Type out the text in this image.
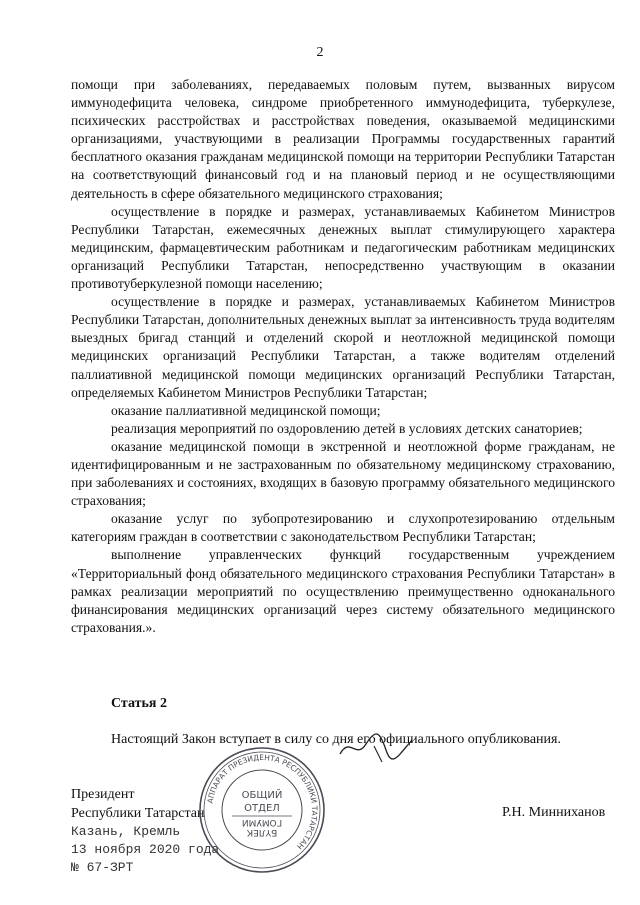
2

помощи при заболеваниях, передаваемых половым путем, вызванных вирусом иммунодефицита человека, синдроме приобретенного иммунодефицита, туберкулезе, психических расстройствах и расстройствах поведения, оказываемой медицинскими организациями, участвующими в реализации Программы государственных гарантий бесплатного оказания гражданам медицинской помощи на территории Республики Татарстан на соответствующий финансовый год и на плановый период и не осуществляющими деятельность в сфере обязательного медицинского страхования;

осуществление в порядке и размерах, устанавливаемых Кабинетом Министров Республики Татарстан, ежемесячных денежных выплат стимулирующего характера медицинским, фармацевтическим работникам и педагогическим работникам медицинских организаций Республики Татарстан, непосредственно участвующим в оказании противотуберкулезной помощи населению;

осуществление в порядке и размерах, устанавливаемых Кабинетом Министров Республики Татарстан, дополнительных денежных выплат за интенсивность труда водителям выездных бригад станций и отделений скорой и неотложной медицинской помощи медицинских организаций Республики Татарстан, а также водителям отделений паллиативной медицинской помощи медицинских организаций Республики Татарстан, определяемых Кабинетом Министров Республики Татарстан;

оказание паллиативной медицинской помощи;

реализация мероприятий по оздоровлению детей в условиях детских санаториев;

оказание медицинской помощи в экстренной и неотложной форме гражданам, не идентифицированным и не застрахованным по обязательному медицинскому страхованию, при заболеваниях и состояниях, входящих в базовую программу обязательного медицинского страхования;

оказание услуг по зубопротезированию и слухопротезированию отдельным категориям граждан в соответствии с законодательством Республики Татарстан;

выполнение управленческих функций государственным учреждением «Территориальный фонд обязательного медицинского страхования Республики Татарстан» в рамках реализации мероприятий по осуществлению преимущественно одноканального финансирования медицинских организаций через систему обязательного медицинского страхования.».

Статья 2
Настоящий Закон вступает в силу со дня его официального опубликования.
Президент
Республики Татарстан	Р.Н. Минниханов
Казань, Кремль
13 ноября 2020 года
№ 67-ЗРТ
АППАРАТ ПРЕЗИДЕНТА РЕСПУБЛИКИ ТАТАРСТАН
ОБЩИЙ
ОТДЕЛ
ГОМУМИ
БҮЛЕК
